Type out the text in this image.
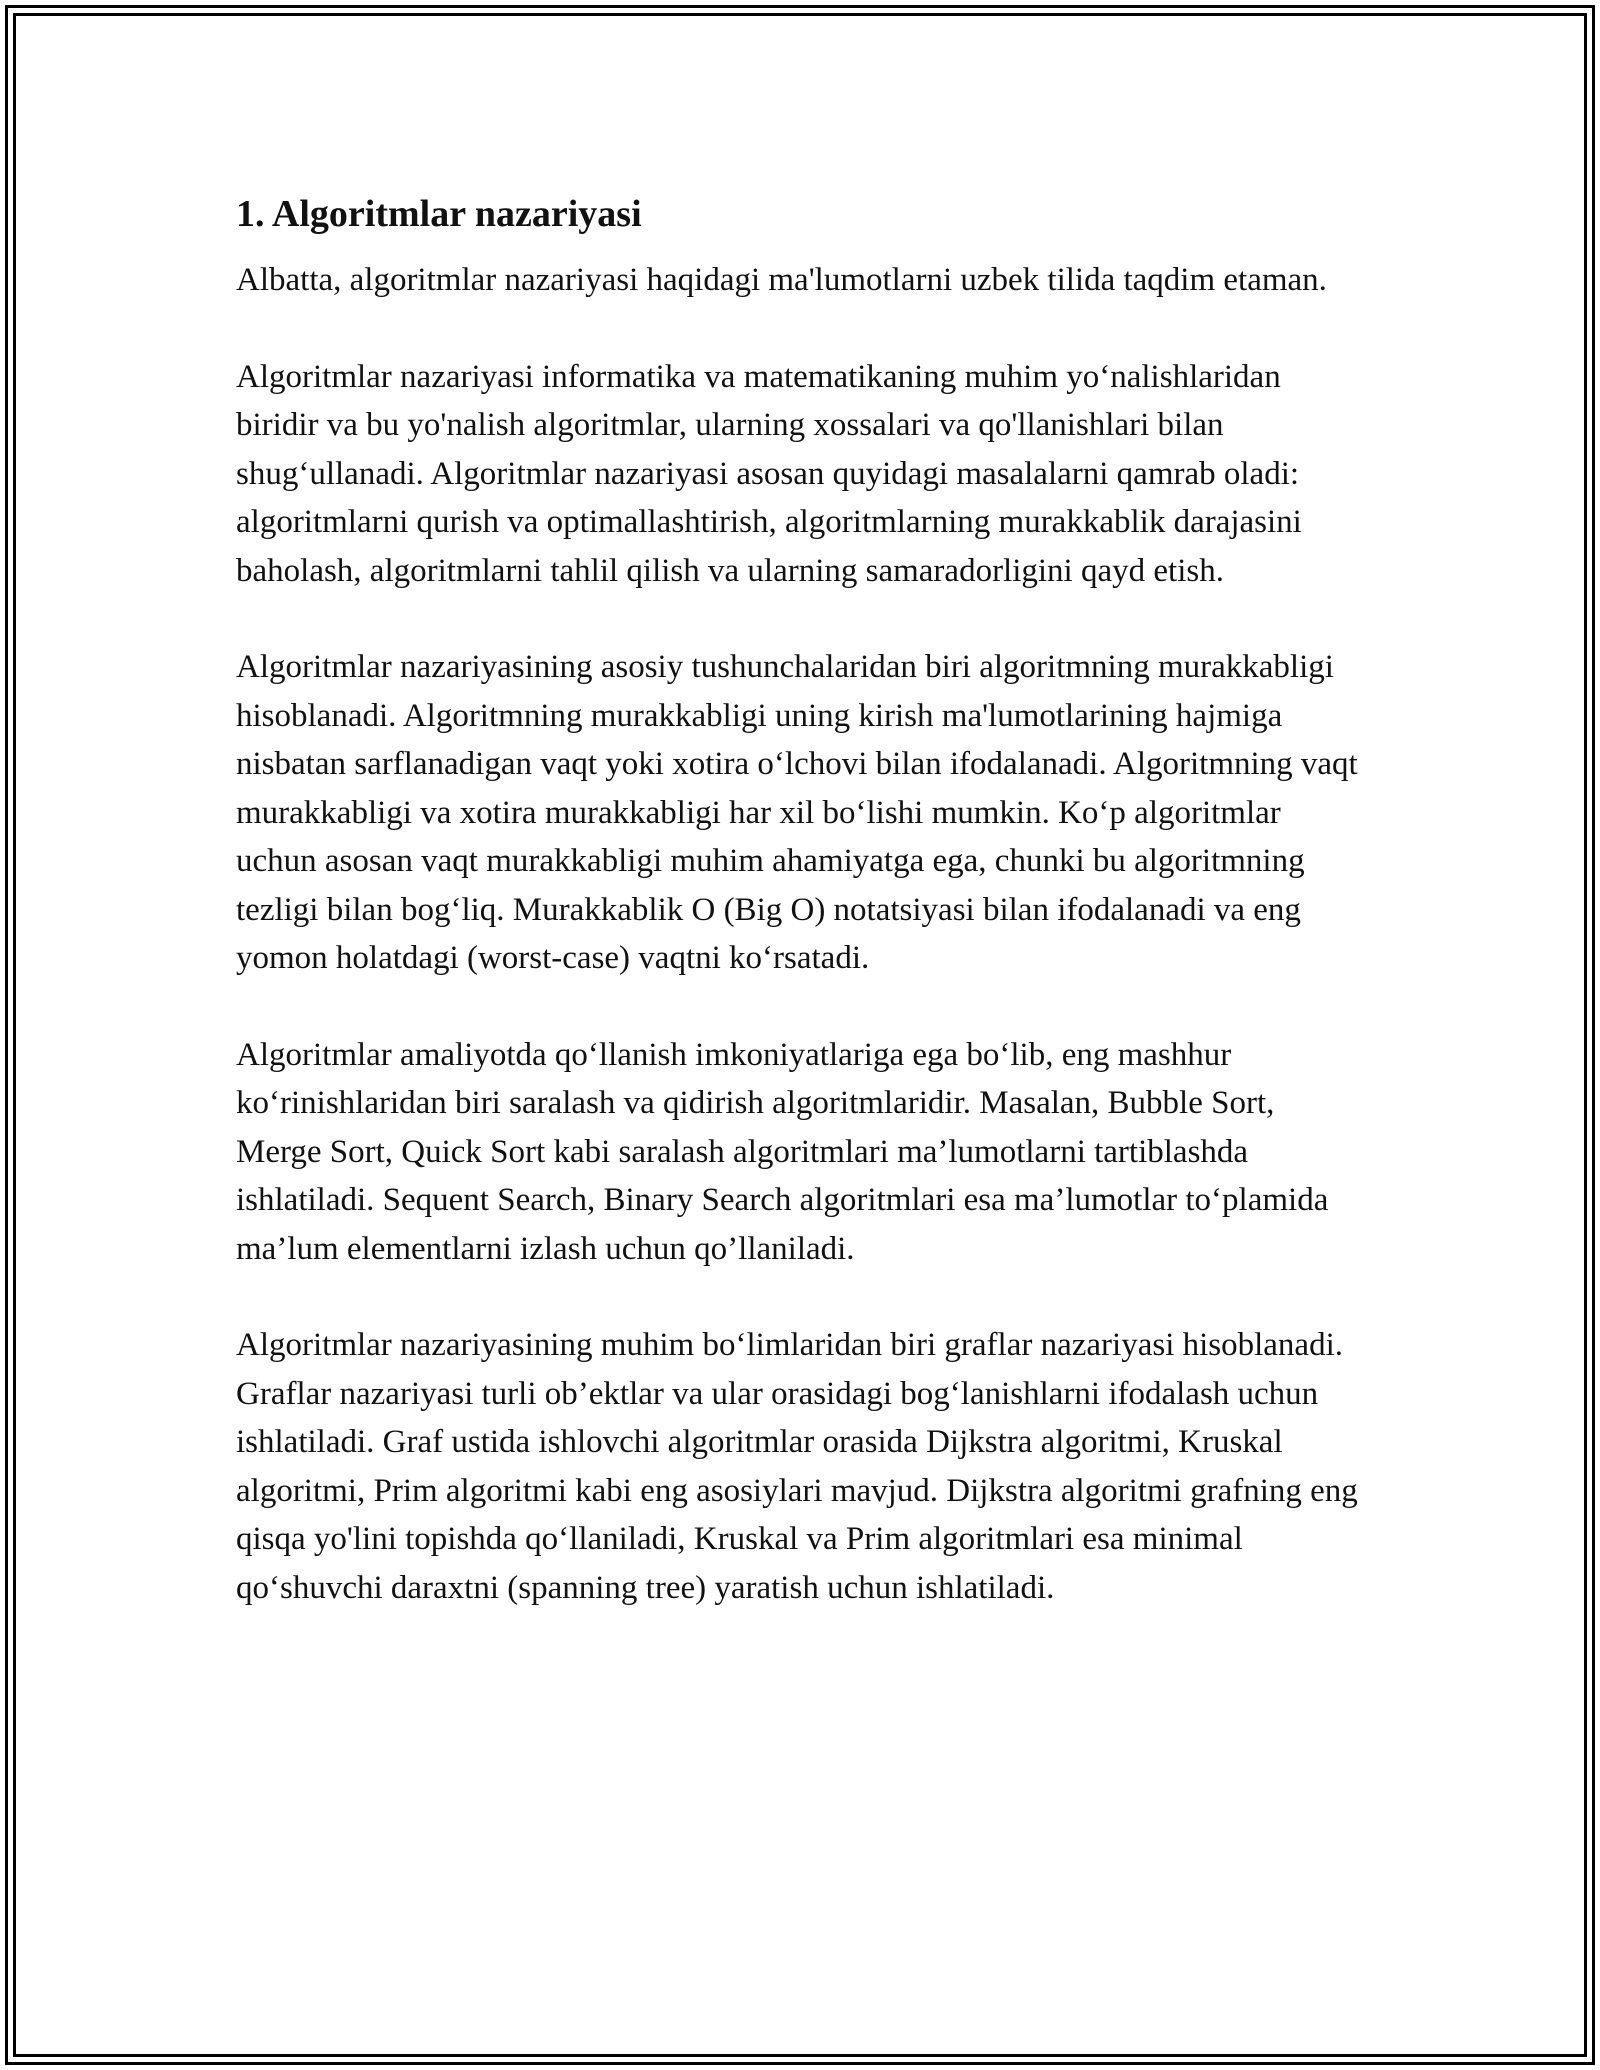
1. Algoritmlar nazariyasi

Albatta, algoritmlar nazariyasi haqidagi ma'lumotlarni uzbek tilida taqdim etaman.

Algoritmlar nazariyasi informatika va matematikaning muhim yo‘nalishlaridan biridir va bu yo'nalish algoritmlar, ularning xossalari va qo'llanishlari bilan shug‘ullanadi. Algoritmlar nazariyasi asosan quyidagi masalalarni qamrab oladi: algoritmlarni qurish va optimallashtirish, algoritmlarning murakkablik darajasini baholash, algoritmlarni tahlil qilish va ularning samaradorligini qayd etish.

Algoritmlar nazariyasining asosiy tushunchalaridan biri algoritmning murakkabligi hisoblanadi. Algoritmning murakkabligi uning kirish ma'lumotlarining hajmiga nisbatan sarflanadigan vaqt yoki xotira o‘lchovi bilan ifodalanadi. Algoritmning vaqt murakkabligi va xotira murakkabligi har xil bo‘lishi mumkin. Ko‘p algoritmlar uchun asosan vaqt murakkabligi muhim ahamiyatga ega, chunki bu algoritmning tezligi bilan bog‘liq. Murakkablik O (Big O) notatsiyasi bilan ifodalanadi va eng yomon holatdagi (worst-case) vaqtni ko‘rsatadi.

Algoritmlar amaliyotda qo‘llanish imkoniyatlariga ega bo‘lib, eng mashhur ko‘rinishlaridan biri saralash va qidirish algoritmlaridir. Masalan, Bubble Sort, Merge Sort, Quick Sort kabi saralash algoritmlari ma’lumotlarni tartiblashda ishlatiladi. Sequent Search, Binary Search algoritmlari esa ma’lumotlar to‘plamida ma’lum elementlarni izlash uchun qo’llaniladi.

Algoritmlar nazariyasining muhim bo‘limlaridan biri graflar nazariyasi hisoblanadi. Graflar nazariyasi turli ob’ektlar va ular orasidagi bog‘lanishlarni ifodalash uchun ishlatiladi. Graf ustida ishlovchi algoritmlar orasida Dijkstra algoritmi, Kruskal algoritmi, Prim algoritmi kabi eng asosiylari mavjud. Dijkstra algoritmi grafning eng qisqa yo'lini topishda qo‘llaniladi, Kruskal va Prim algoritmlari esa minimal qo‘shuvchi daraxtni (spanning tree) yaratish uchun ishlatiladi.
